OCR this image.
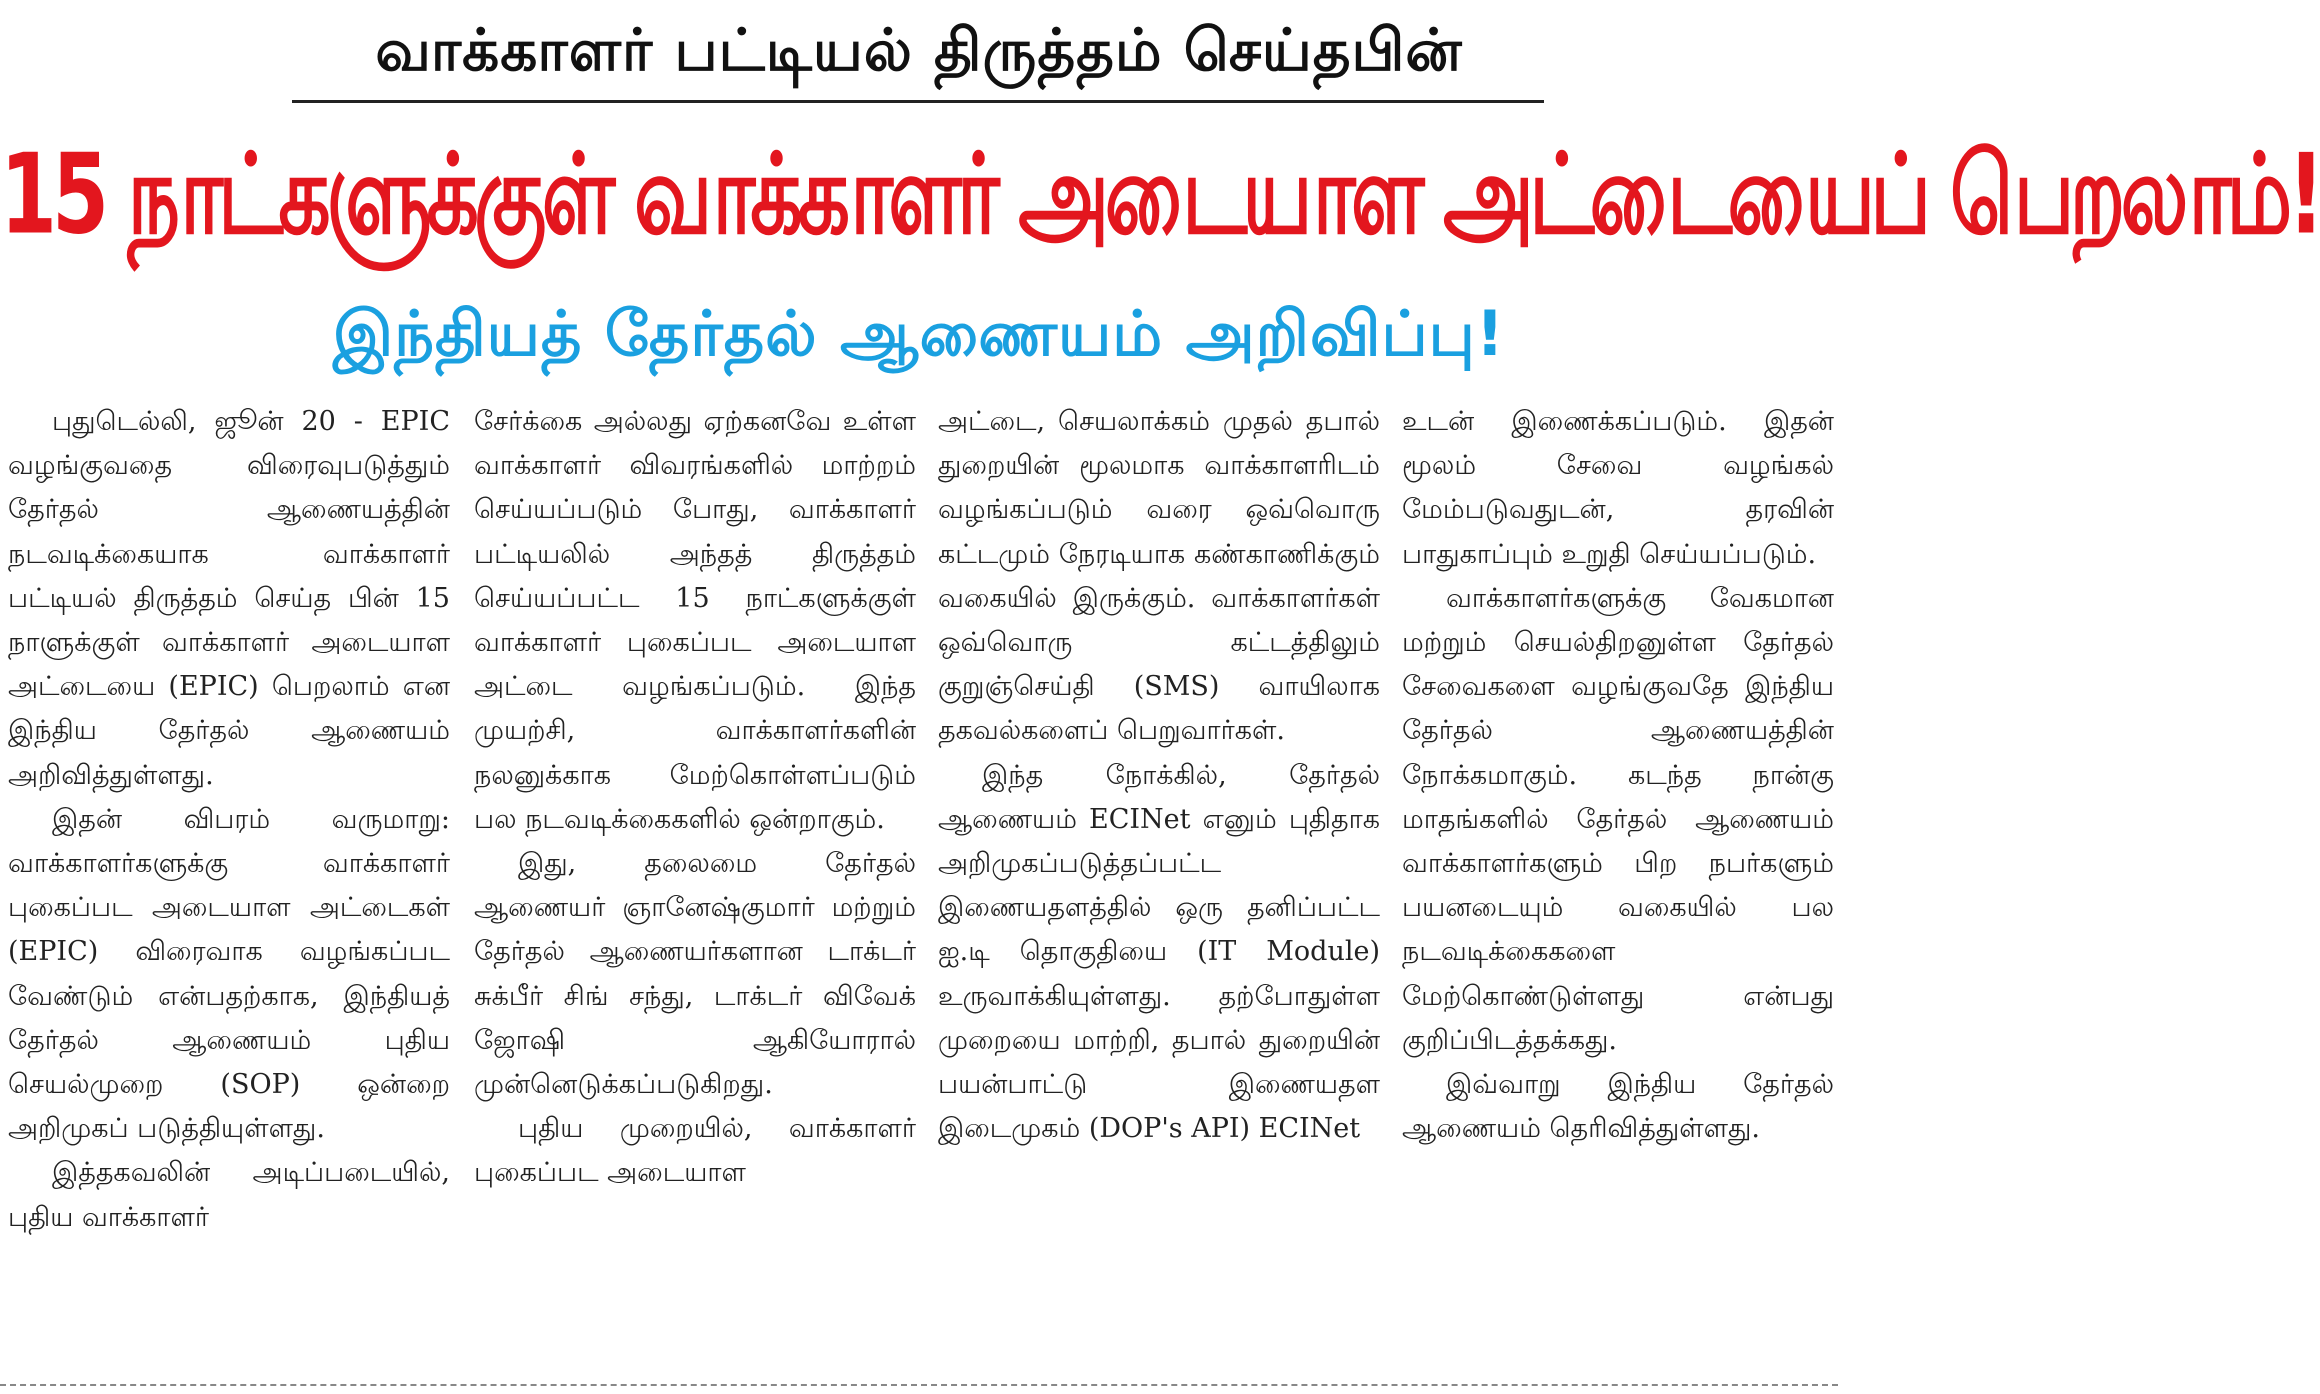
வாக்காளர் பட்டியல் திருத்தம் செய்தபின்
15 நாட்களுக்குள் வாக்காளர் அடையாள அட்டையைப் பெறலாம்!
இந்தியத் தேர்தல் ஆணையம் அறிவிப்பு!

புதுடெல்லி, ஜூன் 20 - EPIC வழங்குவதை விரைவுபடுத்தும் தேர்தல் ஆணையத்தின் நடவடிக்கையாக வாக்காளர் பட்டியல் திருத்தம் செய்த பின் 15 நாளுக்குள் வாக்காளர் அடையாள அட்டையை (EPIC) பெறலாம் என இந்திய தேர்தல் ஆணையம் அறிவித்துள்ளது.

இதன் விபரம் வருமாறு: வாக்காளர்களுக்கு வாக்காளர் புகைப்பட அடையாள அட்டைகள் (EPIC) விரைவாக வழங்கப்பட வேண்டும் என்பதற்காக, இந்தியத் தேர்தல் ஆணையம் புதிய செயல்முறை (SOP) ஒன்றை அறிமுகப் படுத்தியுள்ளது.

இத்தகவலின் அடிப்படையில், புதிய வாக்காளர்

சேர்க்கை அல்லது ஏற்கனவே உள்ள வாக்காளர் விவரங்களில் மாற்றம் செய்யப்படும் போது, வாக்காளர் பட்டியலில் அந்தத் திருத்தம் செய்யப்பட்ட 15 நாட்களுக்குள் வாக்காளர் புகைப்பட அடையாள அட்டை வழங்கப்படும். இந்த முயற்சி, வாக்காளர்களின் நலனுக்காக மேற்கொள்ளப்படும் பல நடவடிக்கைகளில் ஒன்றாகும்.

இது, தலைமை தேர்தல் ஆணையர் ஞானேஷ்குமார் மற்றும் தேர்தல் ஆணையர்களான டாக்டர் சுக்பீர் சிங் சந்து, டாக்டர் விவேக் ஜோஷி ஆகியோரால் முன்னெடுக்கப்படுகிறது.

புதிய முறையில், வாக்காளர் புகைப்பட அடையாள

அட்டை, செயலாக்கம் முதல் தபால் துறையின் மூலமாக வாக்காளரிடம் வழங்கப்படும் வரை ஒவ்வொரு கட்டமும் நேரடியாக கண்காணிக்கும் வகையில் இருக்கும். வாக்காளர்கள் ஒவ்வொரு கட்டத்திலும் குறுஞ்செய்தி (SMS) வாயிலாக தகவல்களைப் பெறுவார்கள்.

இந்த நோக்கில், தேர்தல் ஆணையம் ECINet எனும் புதிதாக அறிமுகப்படுத்தப்பட்ட இணையதளத்தில் ஒரு தனிப்பட்ட ஐ.டி தொகுதியை (IT Module) உருவாக்கியுள்ளது. தற்போதுள்ள முறையை மாற்றி, தபால் துறையின் பயன்பாட்டு இணையதள இடைமுகம் (DOP's API) ECINet

உடன் இணைக்கப்படும். இதன் மூலம் சேவை வழங்கல் மேம்படுவதுடன், தரவின் பாதுகாப்பும் உறுதி செய்யப்படும்.

வாக்காளர்களுக்கு வேகமான மற்றும் செயல்திறனுள்ள தேர்தல் சேவைகளை வழங்குவதே இந்திய தேர்தல் ஆணையத்தின் நோக்கமாகும். கடந்த நான்கு மாதங்களில் தேர்தல் ஆணையம் வாக்காளர்களும் பிற நபர்களும் பயனடையும் வகையில் பல நடவடிக்கைகளை மேற்கொண்டுள்ளது என்பது குறிப்பிடத்தக்கது.

இவ்வாறு இந்திய தேர்தல் ஆணையம் தெரிவித்துள்ளது.
